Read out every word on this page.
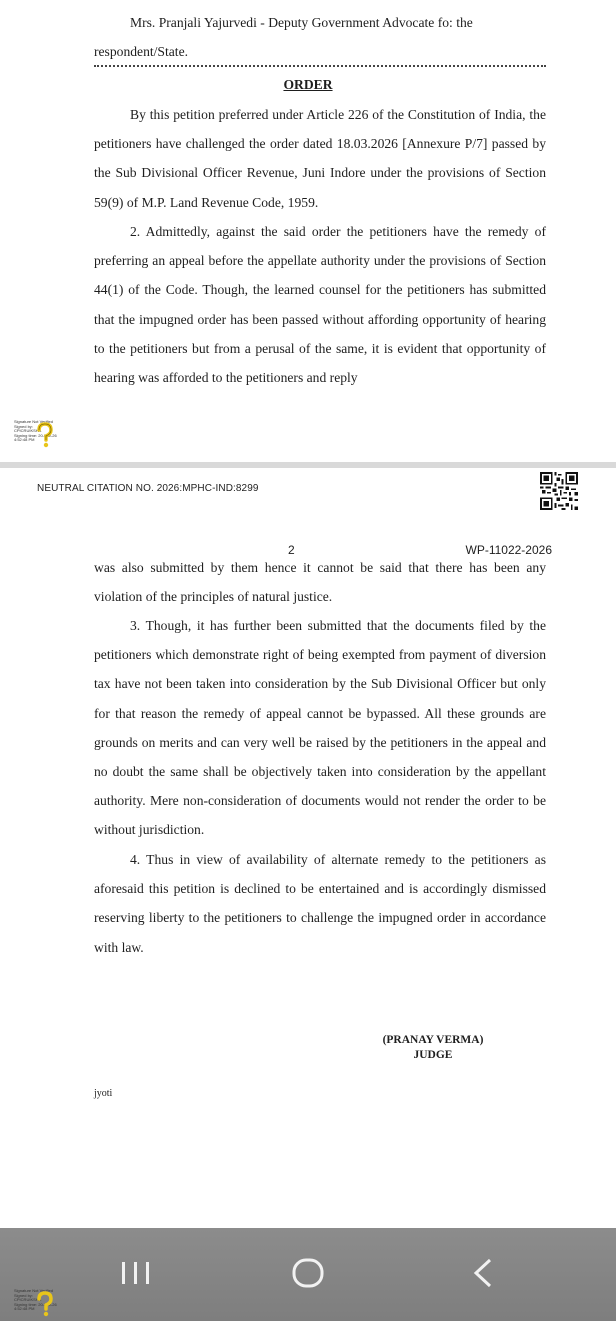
Mrs. Pranjali Yajurvedi - Deputy Government Advocate fo: the

respondent/State.

ORDER

By this petition preferred under Article 226 of the Constitution of India, the petitioners have challenged the order dated 18.03.2026 [Annexure P/7] passed by the Sub Divisional Officer Revenue, Juni Indore under the provisions of Section 59(9) of M.P. Land Revenue Code, 1959.

2. Admittedly, against the said order the petitioners have the remedy of preferring an appeal before the appellate authority under the provisions of Section 44(1) of the Code. Though, the learned counsel for the petitioners has submitted that the impugned order has been passed without affording opportunity of hearing to the petitioners but from a perusal of the same, it is evident that opportunity of hearing was afforded to the petitioners and reply

Signature Not Verified
Signed by:
CPICRUIKSHA
Signing time: 20-Mar-26
4:52:48 PM
NEUTRAL CITATION NO. 2026:MPHC-IND:8299
2	WP-11022-2026

was also submitted by them hence it cannot be said that there has been any violation of the principles of natural justice.

3. Though, it has further been submitted that the documents filed by the petitioners which demonstrate right of being exempted from payment of diversion tax have not been taken into consideration by the Sub Divisional Officer but only for that reason the remedy of appeal cannot be bypassed. All these grounds are grounds on merits and can very well be raised by the petitioners in the appeal and no doubt the same shall be objectively taken into consideration by the appellant authority. Mere non-consideration of documents would not render the order to be without jurisdiction.

4. Thus in view of availability of alternate remedy to the petitioners as aforesaid this petition is declined to be entertained and is accordingly dismissed reserving liberty to the petitioners to challenge the impugned order in accordance with law.

(PRANAY VERMA)
JUDGE
jyoti
Signature Not Verified
Signed by:
CPICRUIKSHA
Signing time: 20-Mar-26
4:52:48 PM
